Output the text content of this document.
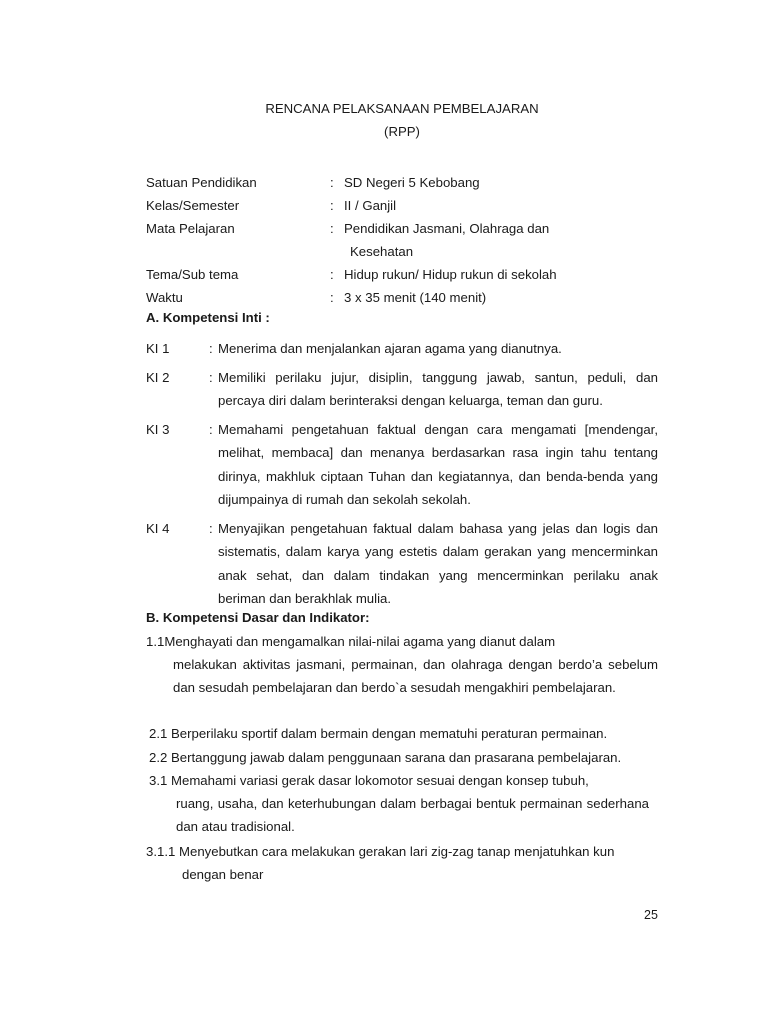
RENCANA PELAKSANAAN PEMBELAJARAN
(RPP)
Satuan Pendidikan	: SD Negeri 5 Kebobang
Kelas/Semester	: II / Ganjil
Mata Pelajaran	: Pendidikan Jasmani, Olahraga dan
Kesehatan
Tema/Sub tema	: Hidup rukun/ Hidup rukun di sekolah
Waktu	: 3 x 35 menit (140 menit)
A. Kompetensi Inti :
KI 1	: Menerima dan menjalankan ajaran agama yang dianutnya.
KI 2	: Memiliki perilaku jujur, disiplin, tanggung jawab, santun, peduli, dan percaya diri dalam berinteraksi dengan keluarga, teman dan guru.
KI 3	: Memahami pengetahuan faktual dengan cara mengamati [mendengar, melihat, membaca] dan menanya berdasarkan rasa ingin tahu tentang dirinya, makhluk ciptaan Tuhan dan kegiatannya, dan benda-benda yang dijumpainya di rumah dan sekolah sekolah.
KI 4	: Menyajikan pengetahuan faktual dalam bahasa yang jelas dan logis dan sistematis, dalam karya yang estetis dalam gerakan yang mencerminkan anak sehat, dan dalam tindakan yang mencerminkan perilaku anak beriman dan berakhlak mulia.
B. Kompetensi Dasar dan Indikator:
1.1Menghayati dan mengamalkan nilai-nilai agama yang dianut dalam
melakukan aktivitas jasmani, permainan, dan olahraga dengan berdo’a sebelum dan sesudah pembelajaran dan berdo`a sesudah mengakhiri pembelajaran.
2.1 Berperilaku sportif dalam bermain dengan mematuhi peraturan permainan.
2.2 Bertanggung jawab dalam penggunaan sarana dan prasarana pembelajaran.
3.1 Memahami variasi gerak dasar lokomotor sesuai dengan konsep tubuh,
ruang, usaha, dan keterhubungan dalam berbagai bentuk permainan sederhana dan atau tradisional.
3.1.1 Menyebutkan cara melakukan gerakan lari zig-zag tanap menjatuhkan kun
dengan benar
25
